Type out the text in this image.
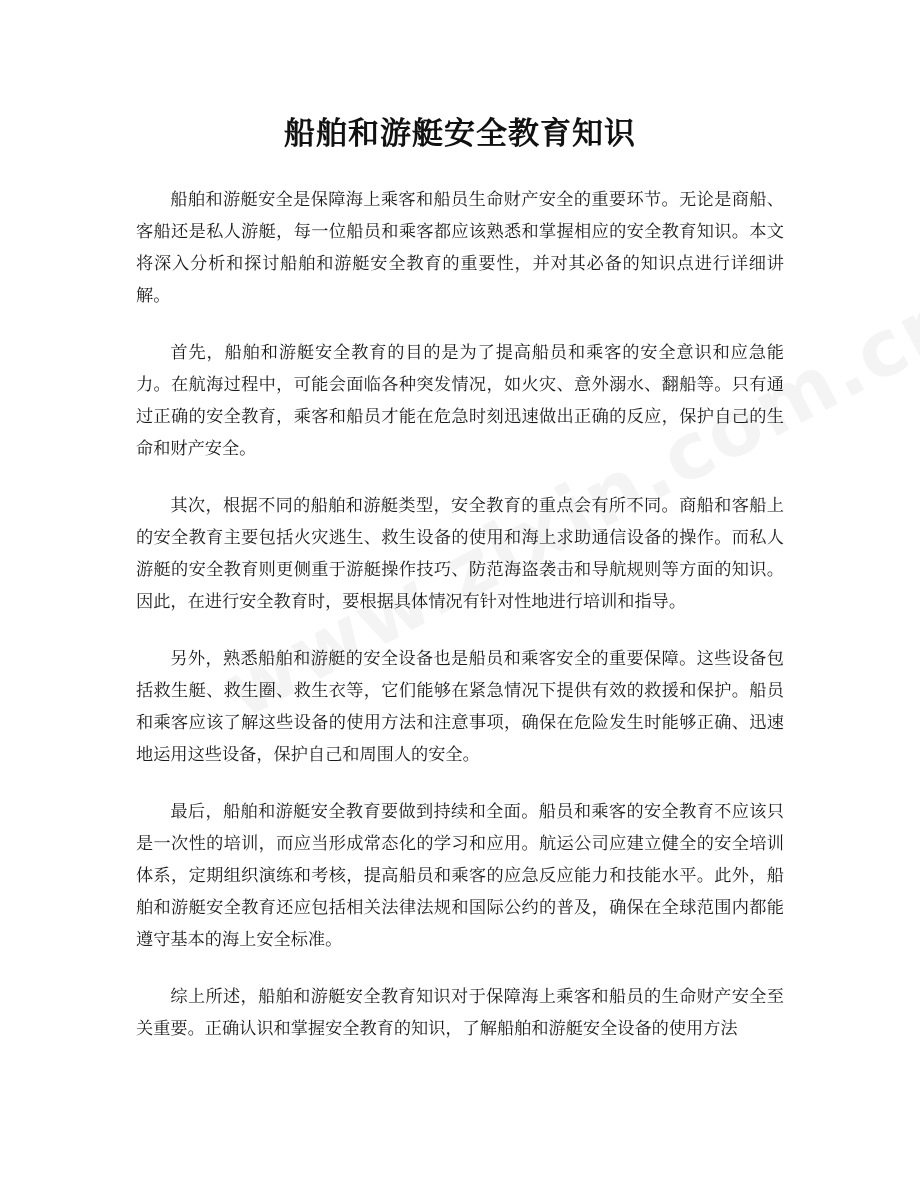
船舶和游艇安全教育知识

船舶和游艇安全是保障海上乘客和船员生命财产安全的重要环节。无论是商船、客船还是私人游艇，每一位船员和乘客都应该熟悉和掌握相应的安全教育知识。本文将深入分析和探讨船舶和游艇安全教育的重要性，并对其必备的知识点进行详细讲解。

首先，船舶和游艇安全教育的目的是为了提高船员和乘客的安全意识和应急能力。在航海过程中，可能会面临各种突发情况，如火灾、意外溺水、翻船等。只有通过正确的安全教育，乘客和船员才能在危急时刻迅速做出正确的反应，保护自己的生命和财产安全。

其次，根据不同的船舶和游艇类型，安全教育的重点会有所不同。商船和客船上的安全教育主要包括火灾逃生、救生设备的使用和海上求助通信设备的操作。而私人游艇的安全教育则更侧重于游艇操作技巧、防范海盗袭击和导航规则等方面的知识。因此，在进行安全教育时，要根据具体情况有针对性地进行培训和指导。

另外，熟悉船舶和游艇的安全设备也是船员和乘客安全的重要保障。这些设备包括救生艇、救生圈、救生衣等，它们能够在紧急情况下提供有效的救援和保护。船员和乘客应该了解这些设备的使用方法和注意事项，确保在危险发生时能够正确、迅速地运用这些设备，保护自己和周围人的安全。

最后，船舶和游艇安全教育要做到持续和全面。船员和乘客的安全教育不应该只是一次性的培训，而应当形成常态化的学习和应用。航运公司应建立健全的安全培训体系，定期组织演练和考核，提高船员和乘客的应急反应能力和技能水平。此外，船舶和游艇安全教育还应包括相关法律法规和国际公约的普及，确保在全球范围内都能遵守基本的海上安全标准。

综上所述，船舶和游艇安全教育知识对于保障海上乘客和船员的生命财产安全至关重要。正确认识和掌握安全教育的知识，了解船舶和游艇安全设备的使用方法
